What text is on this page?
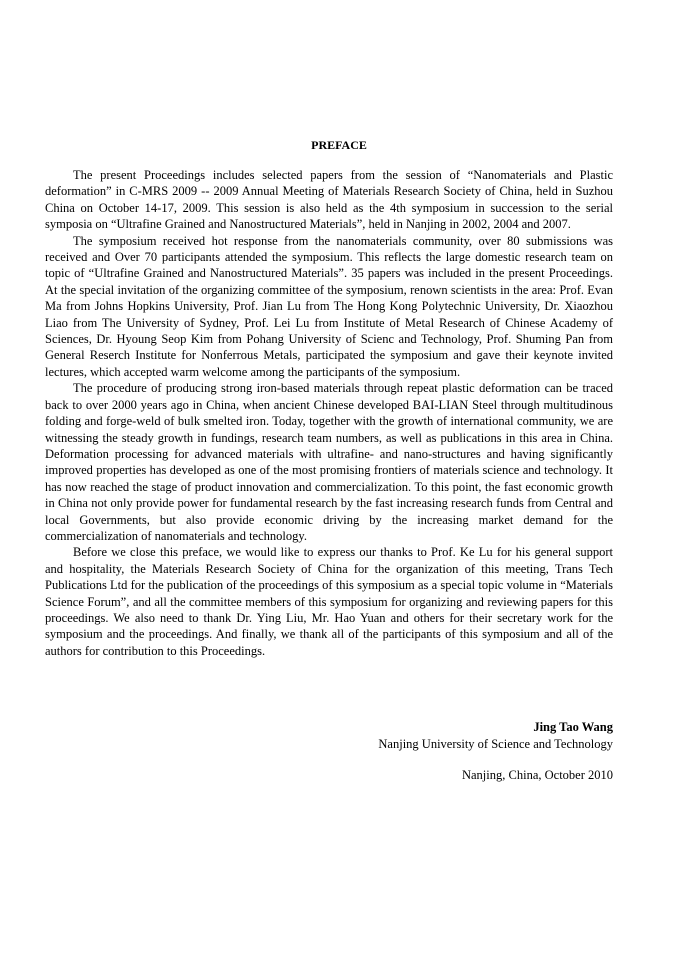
PREFACE

The present Proceedings includes selected papers from the session of “Nanomaterials and Plastic deformation” in C-MRS 2009 -- 2009 Annual Meeting of Materials Research Society of China, held in Suzhou China on October 14-17, 2009. This session is also held as the 4th symposium in succession to the serial symposia on “Ultrafine Grained and Nanostructured Materials”, held in Nanjing in 2002, 2004 and 2007.

The symposium received hot response from the nanomaterials community, over 80 submissions was received and Over 70 participants attended the symposium. This reflects the large domestic research team on topic of “Ultrafine Grained and Nanostructured Materials”. 35 papers was included in the present Proceedings. At the special invitation of the organizing committee of the symposium, renown scientists in the area: Prof. Evan Ma from Johns Hopkins University, Prof. Jian Lu from The Hong Kong Polytechnic University, Dr. Xiaozhou Liao from The University of Sydney, Prof. Lei Lu from Institute of Metal Research of Chinese Academy of Sciences, Dr. Hyoung Seop Kim from Pohang University of Scienc and Technology, Prof. Shuming Pan from General Reserch Institute for Nonferrous Metals, participated the symposium and gave their keynote invited lectures, which accepted warm welcome among the participants of the symposium.

The procedure of producing strong iron-based materials through repeat plastic deformation can be traced back to over 2000 years ago in China, when ancient Chinese developed BAI-LIAN Steel through multitudinous folding and forge-weld of bulk smelted iron. Today, together with the growth of international community, we are witnessing the steady growth in fundings, research team numbers, as well as publications in this area in China. Deformation processing for advanced materials with ultrafine- and nano-structures and having significantly improved properties has developed as one of the most promising frontiers of materials science and technology. It has now reached the stage of product innovation and commercialization. To this point, the fast economic growth in China not only provide power for fundamental research by the fast increasing research funds from Central and local Governments, but also provide economic driving by the increasing market demand for the commercialization of nanomaterials and technology.

Before we close this preface, we would like to express our thanks to Prof. Ke Lu for his general support and hospitality, the Materials Research Society of China for the organization of this meeting, Trans Tech Publications Ltd for the publication of the proceedings of this symposium as a special topic volume in “Materials Science Forum”, and all the committee members of this symposium for organizing and reviewing papers for this proceedings. We also need to thank Dr. Ying Liu, Mr. Hao Yuan and others for their secretary work for the symposium and the proceedings. And finally, we thank all of the participants of this symposium and all of the authors for contribution to this Proceedings.

Jing Tao Wang
Nanjing University of Science and Technology
Nanjing, China, October 2010
